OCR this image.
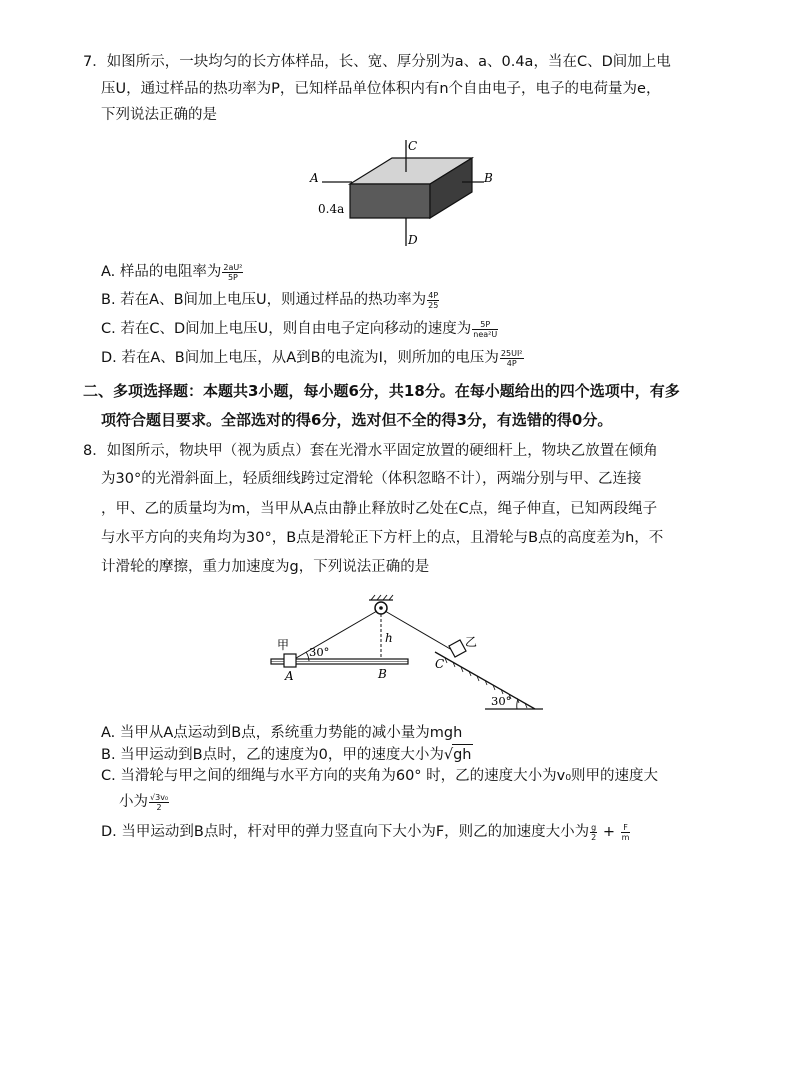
7．如图所示，一块均匀的长方体样品，长、宽、厚分别为a、a、0.4a，当在C、D间加上电
压U，通过样品的热功率为P，已知样品单位体积内有n个自由电子，电子的电荷量为e，
下列说法正确的是
C
D
A	B
0.4a
A. 样品的电阻率为 $\frac{\text{2aU²}}{5P}$
B. 若在A、B间加上电压U，则通过样品的热功率为 $\frac{4P}{25}$
C. 若在C、D间加上电压U，则自由电子定向移动的速度为 $\frac{5P}{\text{nea²U}}$
D. 若在A、B间加上电压，从A到B的电流为I，则所加的电压为 $\frac{\text{25UI²}}{4P}$
二、多项选择题：本题共3小题，每小题6分，共18分。在每小题给出的四个选项中，有多
项符合题目要求。全部选对的得6分，选对但不全的得3分，有选错的得0分。
8．如图所示，物块甲（视为质点）套在光滑水平固定放置的硬细杆上，物块乙放置在倾角
为30°的光滑斜面上，轻质细线跨过定滑轮（体积忽略不计），两端分别与甲、乙连接
，甲、乙的质量均为m，当甲从A点由静止释放时乙处在C点，绳子伸直，已知两段绳子
与水平方向的夹角均为30°，B点是滑轮正下方杆上的点，且滑轮与B点的高度差为h，不
计滑轮的摩擦，重力加速度为g，下列说法正确的是
甲 30°
h
A	B
C
乙
30°
A. 当甲从A点运动到B点，系统重力势能的减小量为mgh
B. 当甲运动到B点时，乙的速度为0，甲的速度大小为√gh
C. 当滑轮与甲之间的细绳与水平方向的夹角为60° 时，乙的速度大小为v₀则甲的速度大
小为 $\frac{\text{√3v₀}}{2}$
D. 当甲运动到B点时，杆对甲的弹力竖直向下大小为F，则乙的加速度大小为 $\frac{g}{2} + \frac{F}{m}$
